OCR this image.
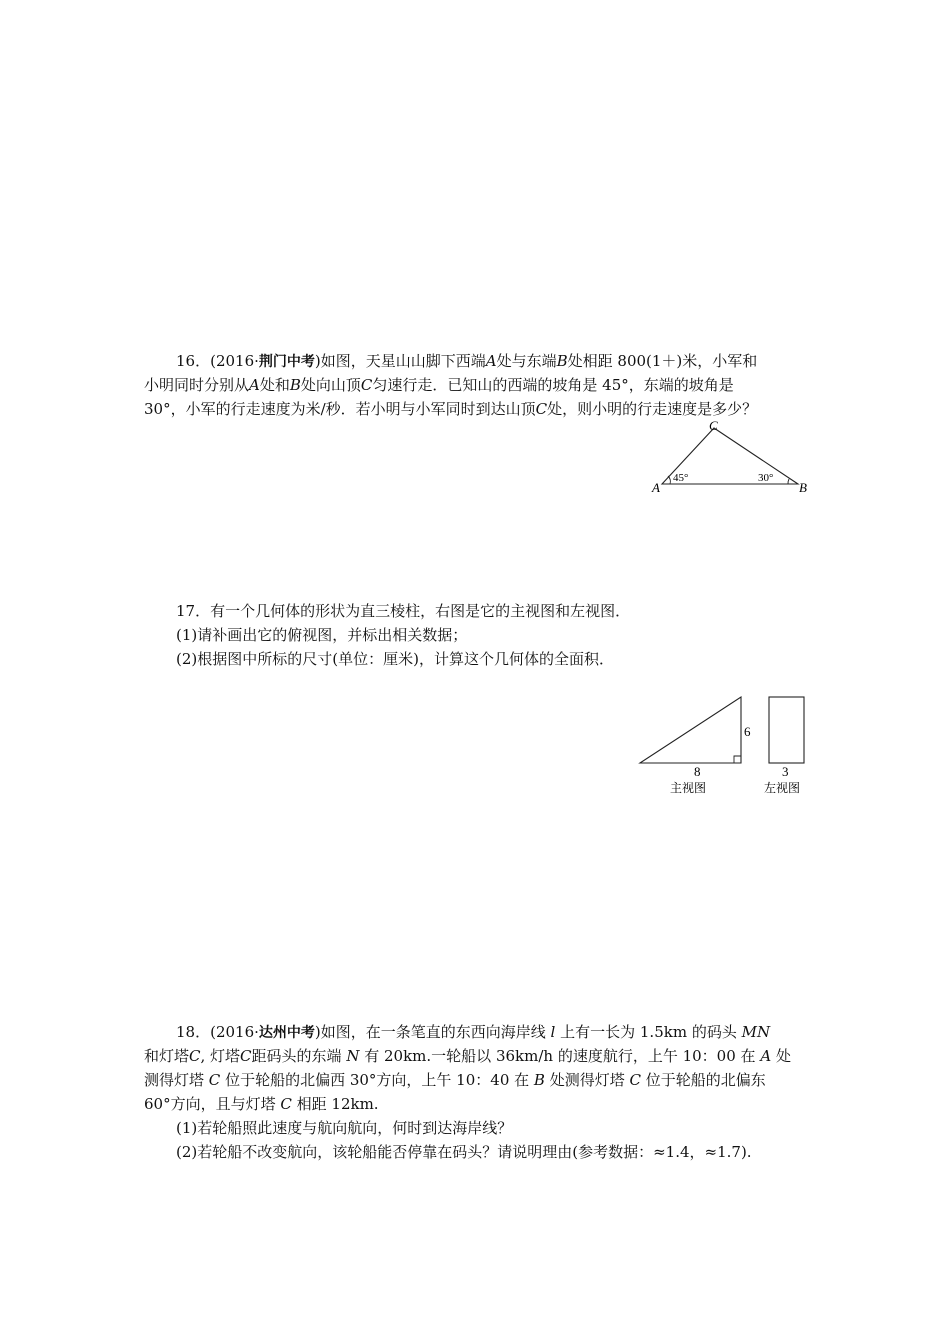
16．(2016·荆门中考)如图，天星山山脚下西端A处与东端B处相距 800(1＋)米，小军和
小明同时分别从A处和B处向山顶C匀速行走．已知山的西端的坡角是 45°，东端的坡角是
30°，小军的行走速度为米/秒．若小明与小军同时到达山顶C处，则小明的行走速度是多少？
C
A	B
45°	30°
17．有一个几何体的形状为直三棱柱，右图是它的主视图和左视图．
(1)请补画出它的俯视图，并标出相关数据；
(2)根据图中所标的尺寸(单位：厘米)，计算这个几何体的全面积．
6
8	3
主视图	左视图
18．(2016·达州中考)如图，在一条笔直的东西向海岸线 l 上有一长为 1.5km 的码头 MN
和灯塔C, 灯塔C距码头的东端 N 有 20km.一轮船以 36km/h 的速度航行，上午 10：00 在 A 处
测得灯塔 C 位于轮船的北偏西 30°方向，上午 10：40 在 B 处测得灯塔 C 位于轮船的北偏东
60°方向，且与灯塔 C 相距 12km.
(1)若轮船照此速度与航向航向，何时到达海岸线？
(2)若轮船不改变航向，该轮船能否停靠在码头？请说明理由(参考数据：≈1.4，≈1.7).
